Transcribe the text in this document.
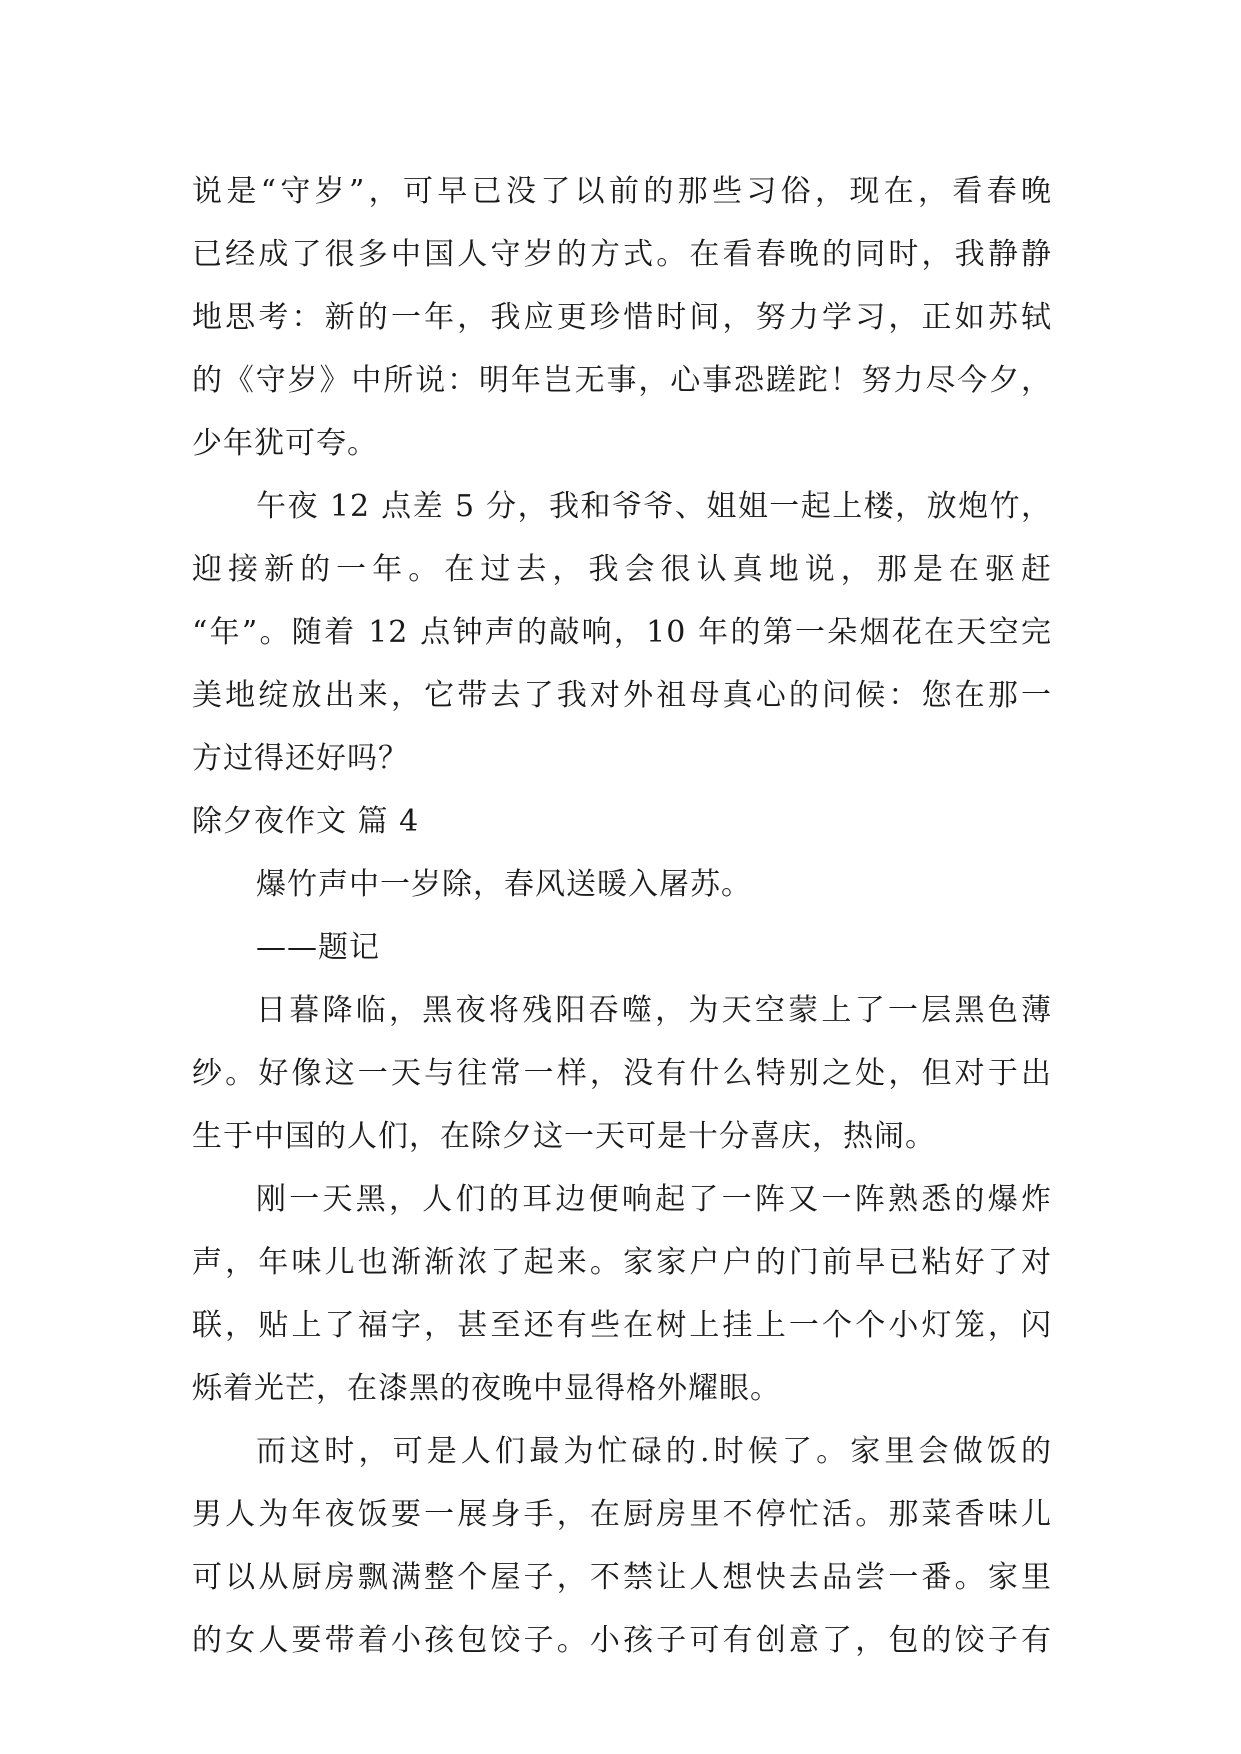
说是“守岁”，可早已没了以前的那些习俗，现在，看春晚
已经成了很多中国人守岁的方式。在看春晚的同时，我静静
地思考：新的一年，我应更珍惜时间，努力学习，正如苏轼
的《守岁》中所说：明年岂无事，心事恐蹉跎！努力尽今夕，
少年犹可夸。
午夜 12 点差 5 分，我和爷爷、姐姐一起上楼，放炮竹，
迎接新的一年。在过去，我会很认真地说，那是在驱赶
“年”。随着 12 点钟声的敲响，10 年的第一朵烟花在天空完
美地绽放出来，它带去了我对外祖母真心的问候：您在那一
方过得还好吗？
除夕夜作文 篇 4
爆竹声中一岁除，春风送暖入屠苏。
——题记
日暮降临，黑夜将残阳吞噬，为天空蒙上了一层黑色薄
纱。好像这一天与往常一样，没有什么特别之处，但对于出
生于中国的人们，在除夕这一天可是十分喜庆，热闹。
刚一天黑，人们的耳边便响起了一阵又一阵熟悉的爆炸
声，年味儿也渐渐浓了起来。家家户户的门前早已粘好了对
联，贴上了福字，甚至还有些在树上挂上一个个小灯笼，闪
烁着光芒，在漆黑的夜晚中显得格外耀眼。
而这时，可是人们最为忙碌的.时候了。家里会做饭的
男人为年夜饭要一展身手，在厨房里不停忙活。那菜香味儿
可以从厨房飘满整个屋子，不禁让人想快去品尝一番。家里
的女人要带着小孩包饺子。小孩子可有创意了，包的饺子有
